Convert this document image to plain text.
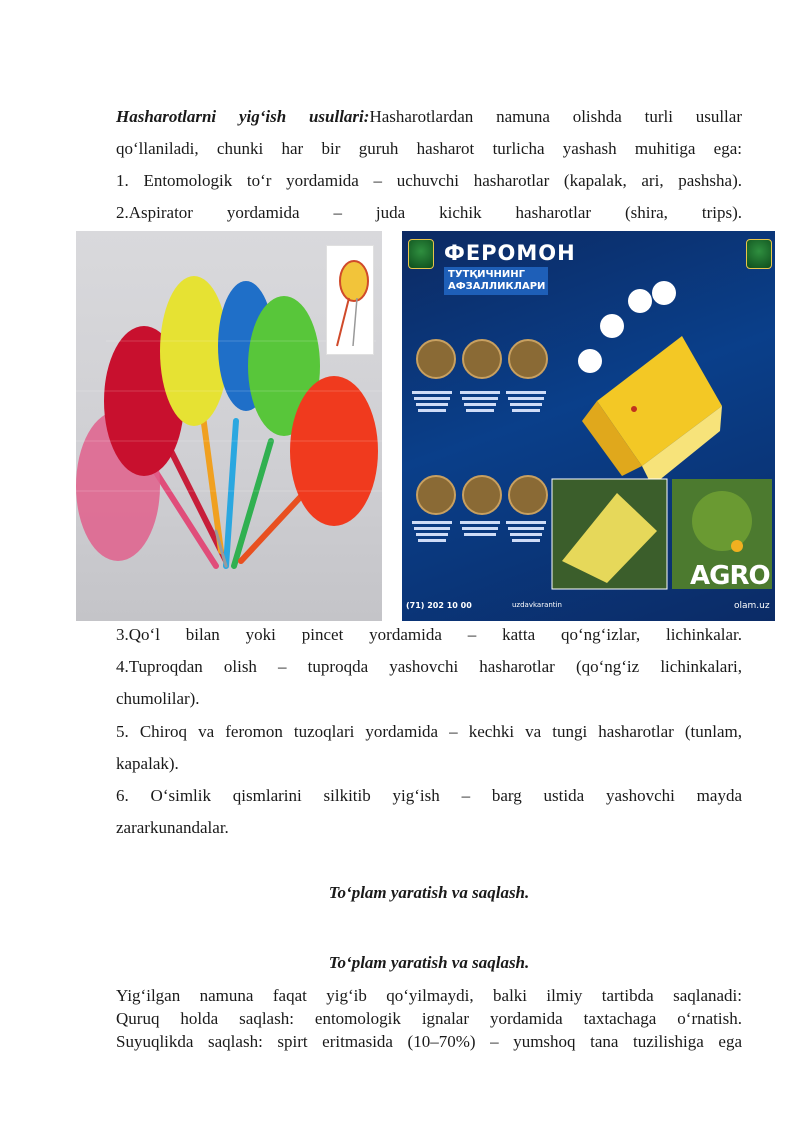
Hasharotlarni yig‘ish usullari:Hasharotlardan namuna olishda turli usullar
qo‘llaniladi, chunki har bir guruh hasharot turlicha yashash muhitiga ega:
1. Entomologik to‘r yordamida – uchuvchi hasharotlar (kapalak, ari, pashsha).
2.Aspirator yordamida – juda kichik hasharotlar (shira, trips).
ФЕРОМОН
ТУТҚИЧНИНГ АФЗАЛЛИКЛАРИ
AGRO
olam.uz
(71) 202 10 00	uzdavkarantin
3.Qo‘l bilan yoki pincet yordamida – katta qo‘ng‘izlar, lichinkalar.
4.Tuproqdan olish – tuproqda yashovchi hasharotlar (qo‘ng‘iz lichinkalari,
chumolilar).
5. Chiroq va feromon tuzoqlari yordamida – kechki va tungi hasharotlar (tunlam,
kapalak).
6. O‘simlik qismlarini silkitib yig‘ish – barg ustida yashovchi mayda
zararkunandalar.
To‘plam yaratish va saqlash.
To‘plam yaratish va saqlash.
Yig‘ilgan namuna faqat yig‘ib qo‘yilmaydi, balki ilmiy tartibda saqlanadi:
Quruq holda saqlash: entomologik ignalar yordamida taxtachaga o‘rnatish.
Suyuqlikda saqlash: spirt eritmasida (10–70%) – yumshoq tana tuzilishiga ega
